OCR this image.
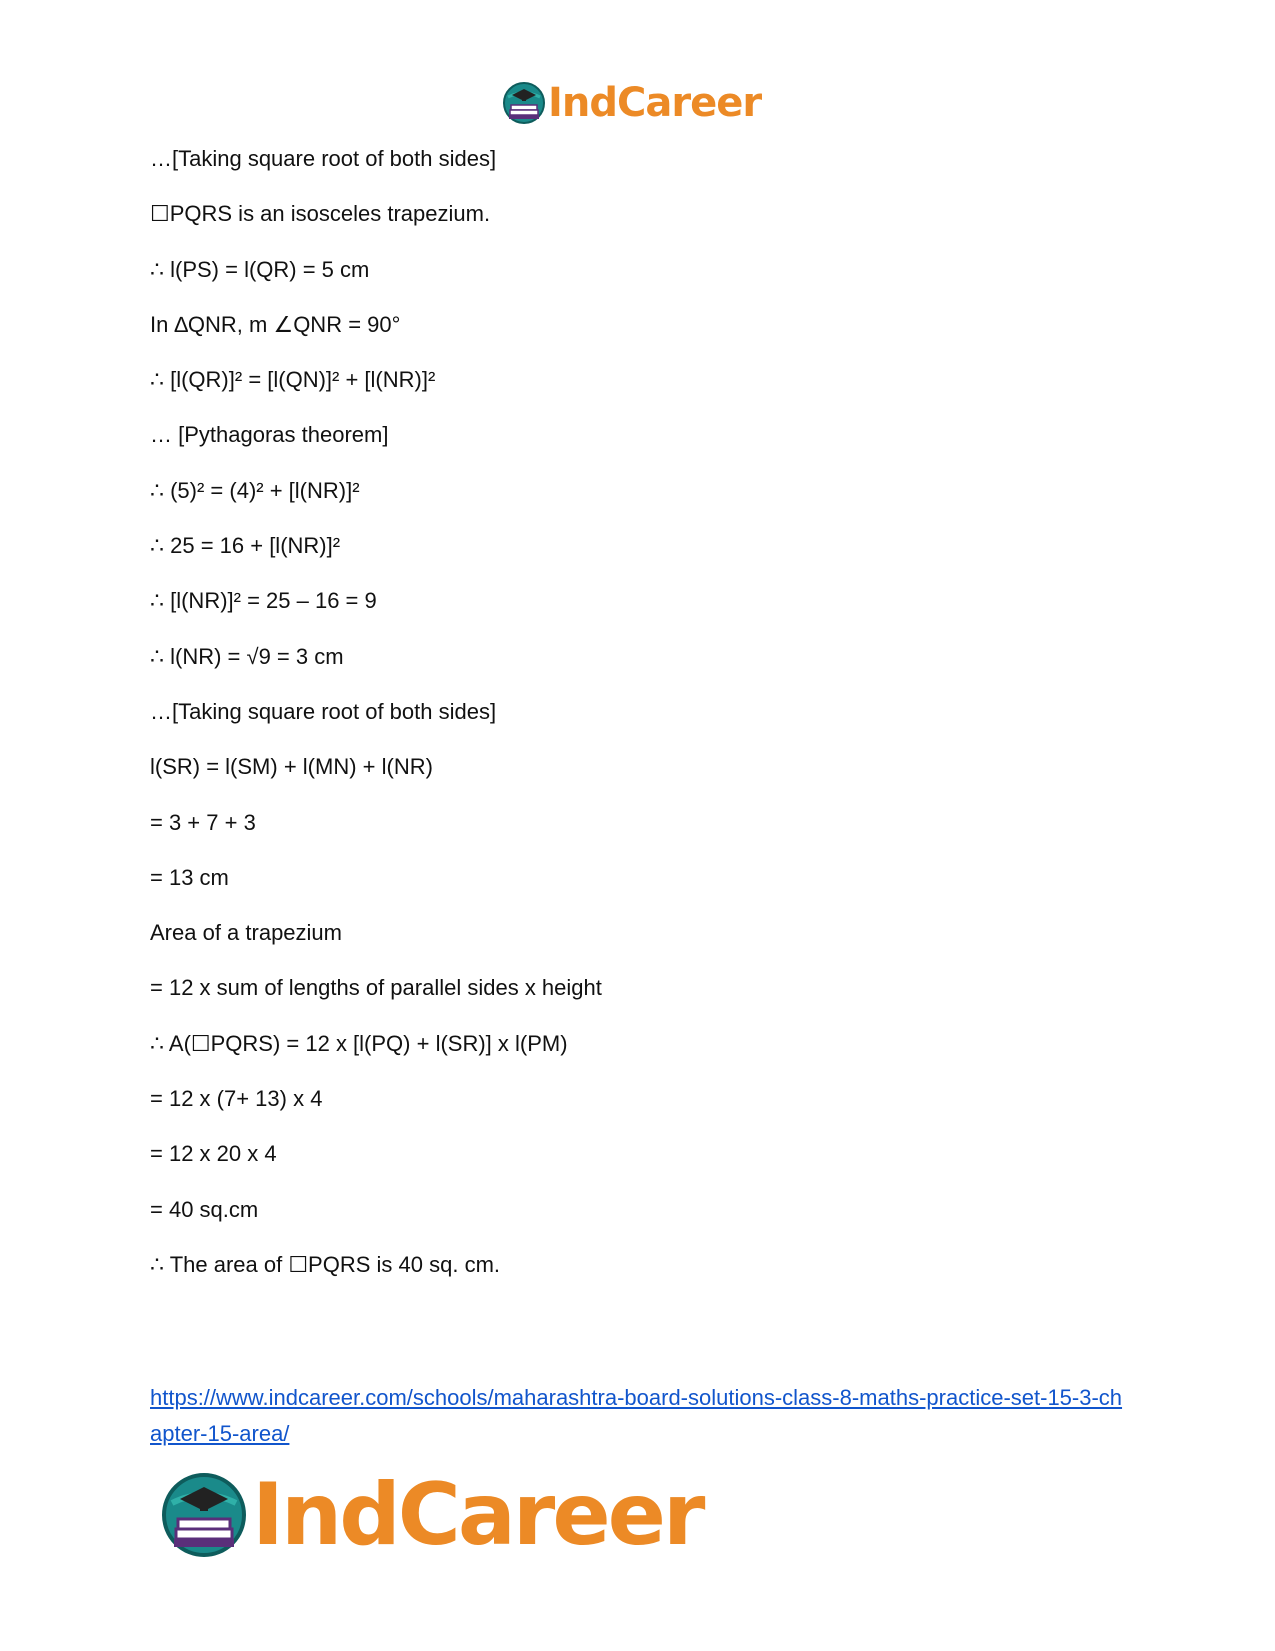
IndCareer
…[Taking square root of both sides]
☐PQRS is an isosceles trapezium.
∴ l(PS) = l(QR) = 5 cm
In ∆QNR, m ∠QNR = 90°
∴ [l(QR)]² = [l(QN)]² + [l(NR)]²
… [Pythagoras theorem]
∴ (5)² = (4)² + [l(NR)]²
∴ 25 = 16 + [l(NR)]²
∴ [l(NR)]² = 25 – 16 = 9
∴ l(NR) = √9 = 3 cm
…[Taking square root of both sides]
l(SR) = l(SM) + l(MN) + l(NR)
= 3 + 7 + 3
= 13 cm
Area of a trapezium
= 12 x sum of lengths of parallel sides x height
∴ A(☐PQRS) = 12 x [l(PQ) + l(SR)] x l(PM)
= 12 x (7+ 13) x 4
= 12 x 20 x 4
= 40 sq.cm
∴ The area of ☐PQRS is 40 sq. cm.
https://www.indcareer.com/schools/maharashtra-board-solutions-class-8-maths-practice-set-15-3-chapter-15-area/
IndCareer
